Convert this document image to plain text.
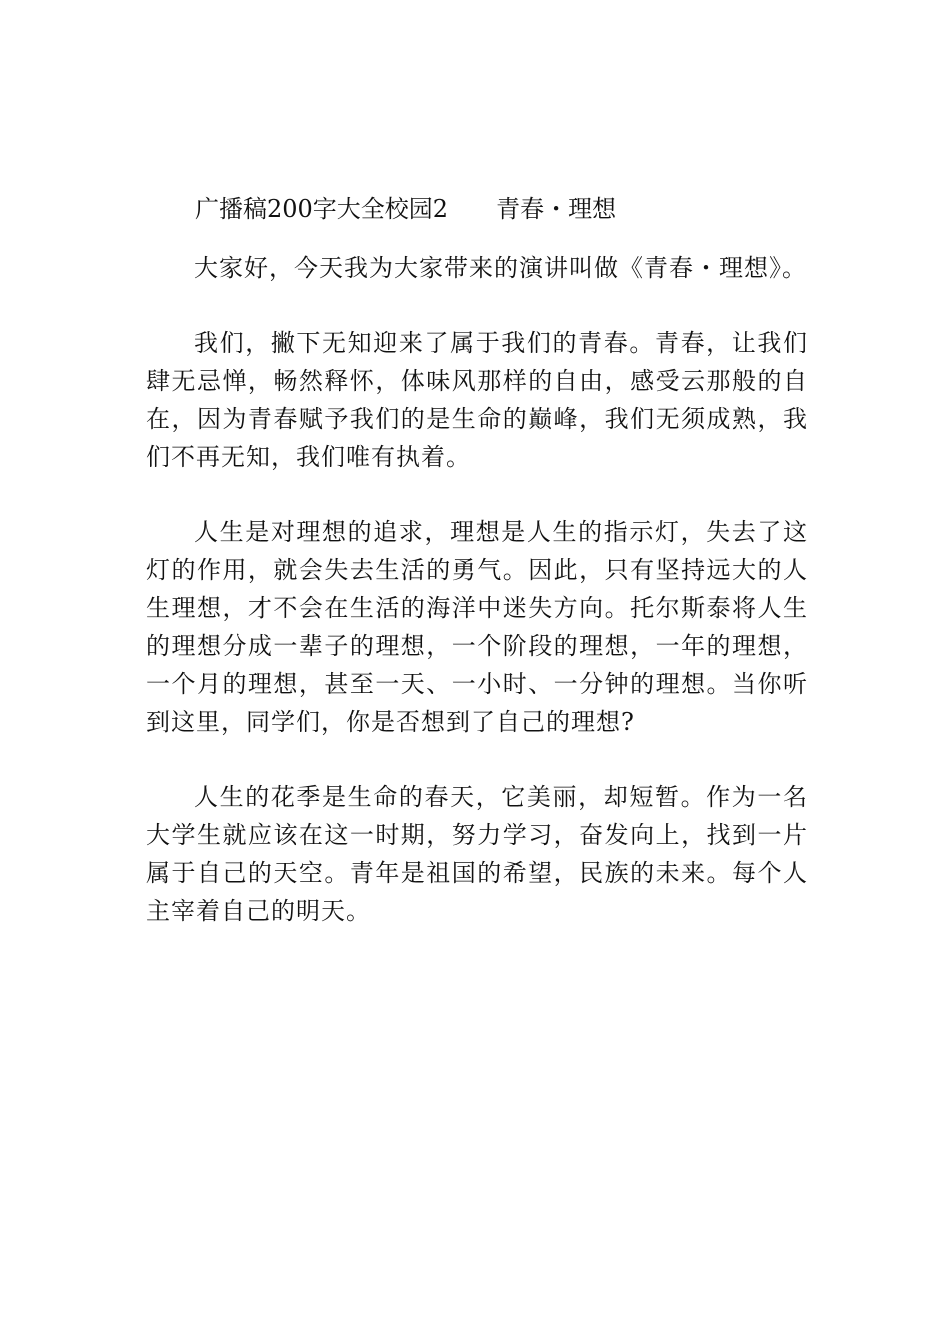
广播稿200字大全校园2 青春・理想

大家好，今天我为大家带来的演讲叫做《青春・理想》。

我们，撇下无知迎来了属于我们的青春。青春，让我们肆无忌惮，畅然释怀，体味风那样的自由，感受云那般的自在，因为青春赋予我们的是生命的巅峰，我们无须成熟，我们不再无知，我们唯有执着。

人生是对理想的追求，理想是人生的指示灯，失去了这灯的作用，就会失去生活的勇气。因此，只有坚持远大的人生理想，才不会在生活的海洋中迷失方向。托尔斯泰将人生的理想分成一辈子的理想，一个阶段的理想，一年的理想，一个月的理想，甚至一天、一小时、一分钟的理想。当你听到这里，同学们，你是否想到了自己的理想?

人生的花季是生命的春天，它美丽，却短暂。作为一名大学生就应该在这一时期，努力学习，奋发向上，找到一片属于自己的天空。青年是祖国的希望，民族的未来。每个人主宰着自己的明天。
